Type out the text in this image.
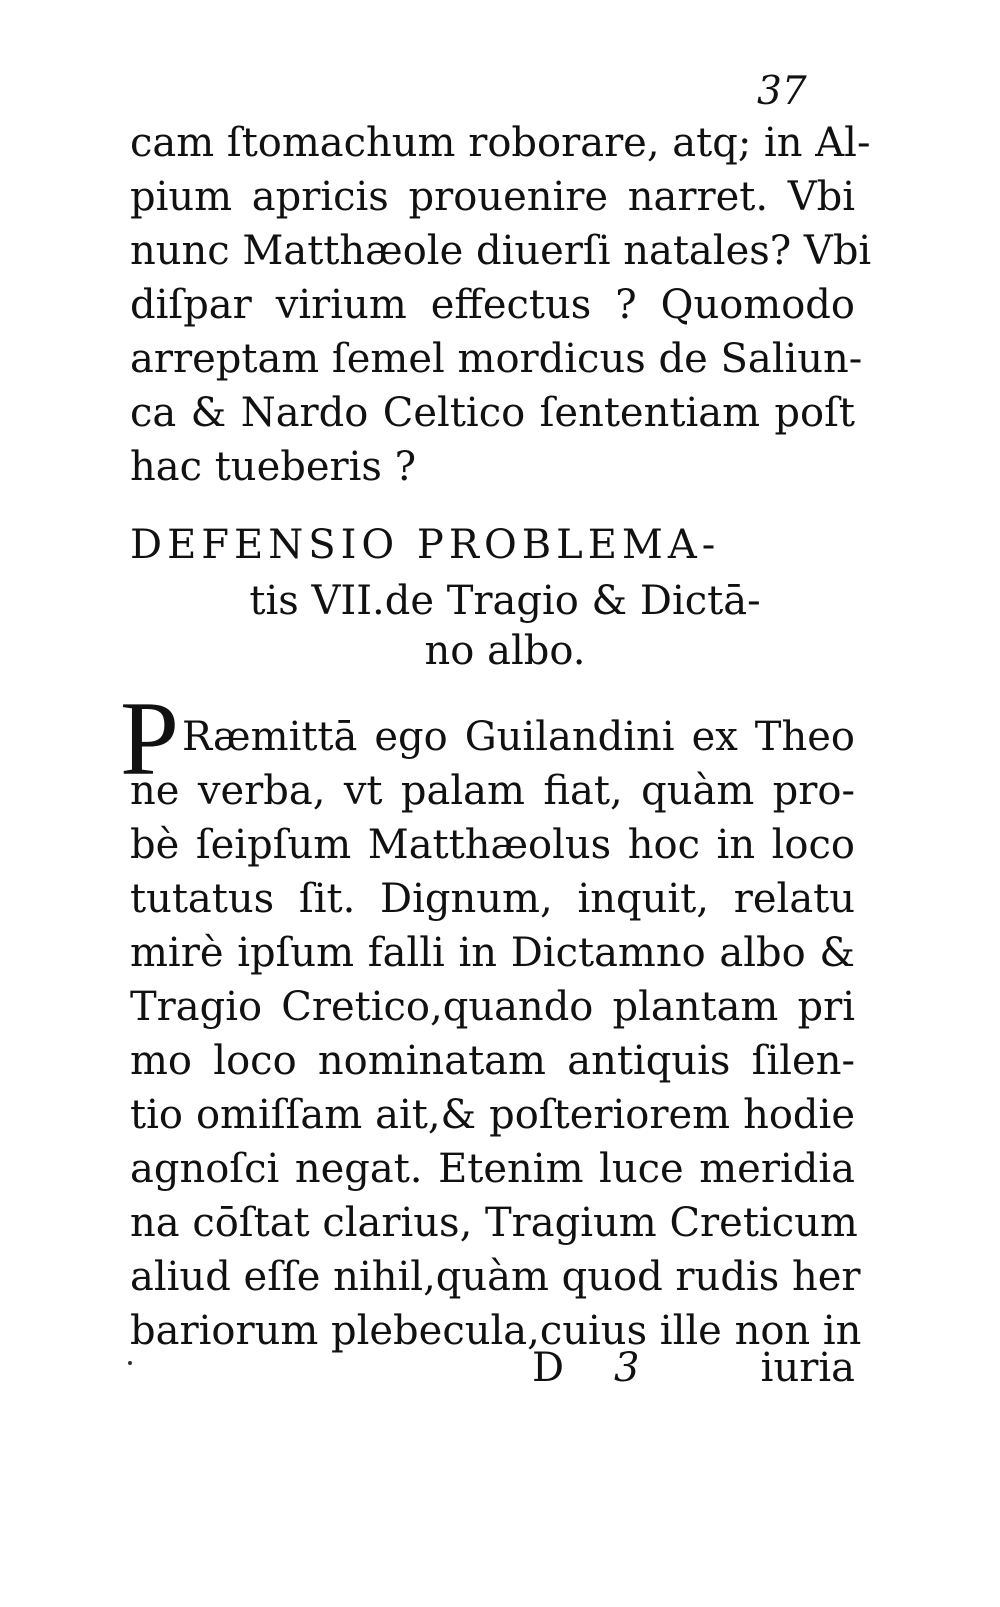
37
cam ſtomachum roborare, atq; in Al-
pium apricis prouenire narret. Vbi
nunc Matthæole diuerſi natales? Vbi
diſpar virium effectus ? Quomodo
arreptam ſemel mordicus de Saliun-
ca & Nardo Celtico ſententiam poſt
hac tueberis ?
DEFENSIO PROBLEMA-
tis VII.de Tragio & Dictā-
no albo.
P Ræmittā ego Guilandini ex Theo
ne verba, vt palam fiat, quàm pro-
bè ſeipſum Matthæolus hoc in loco
tutatus ſit. Dignum, inquit, relatu
mirè ipſum falli in Dictamno albo &
Tragio Cretico,quando plantam pri
mo loco nominatam antiquis ſilen-
tio omiſſam ait,& poſteriorem hodie
agnoſci negat. Etenim luce meridia
na cōſtat clarius, Tragium Creticum
aliud eſſe nihil,quàm quod rudis her
bariorum plebecula,cuius ille non in
D 3	iuria
